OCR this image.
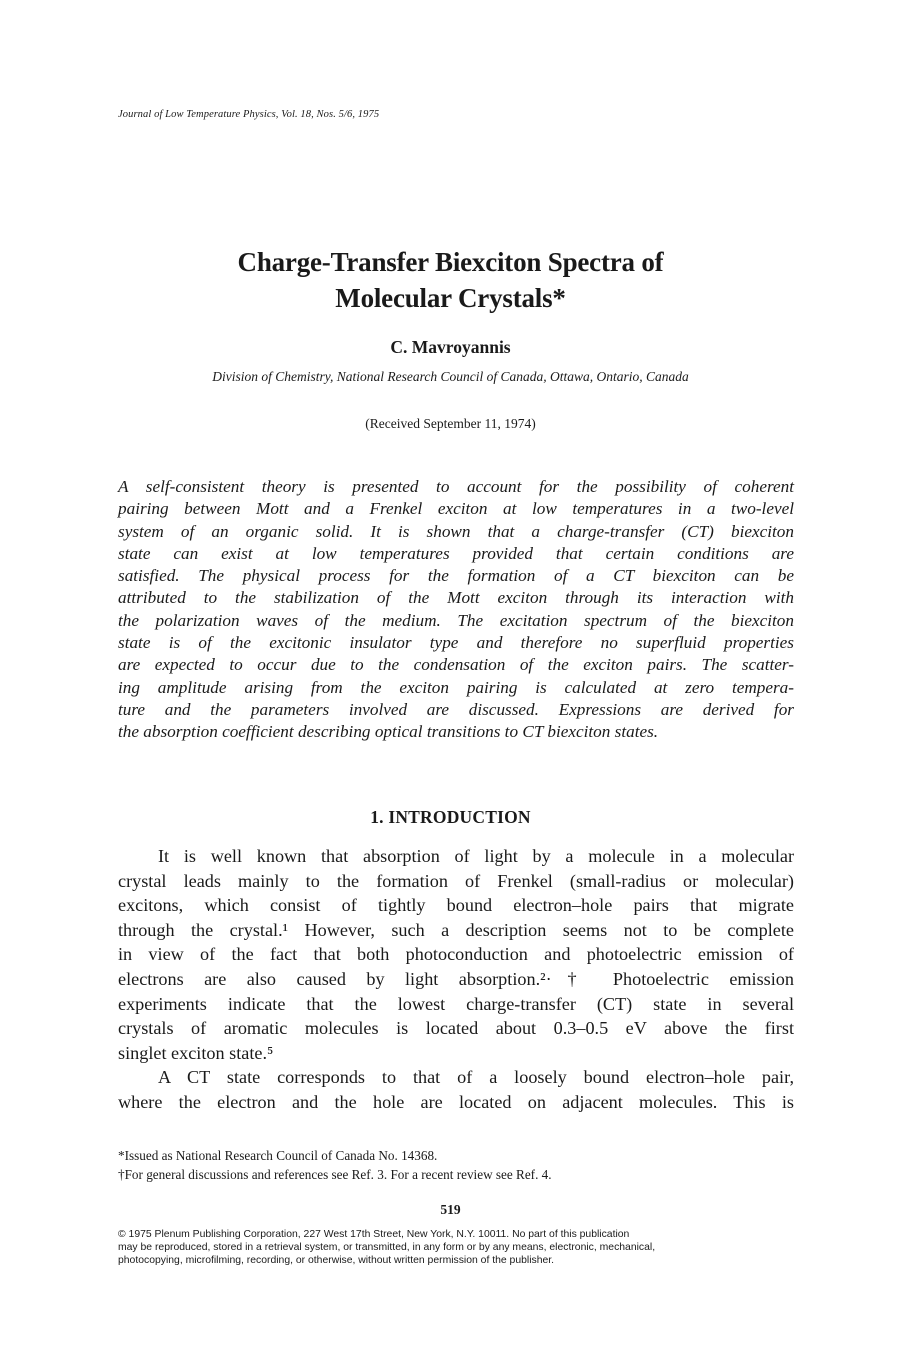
Journal of Low Temperature Physics, Vol. 18, Nos. 5/6, 1975
Charge-Transfer Biexciton Spectra of
Molecular Crystals*
C. Mavroyannis
Division of Chemistry, National Research Council of Canada, Ottawa, Ontario, Canada
(Received September 11, 1974)
A self-consistent theory is presented to account for the possibility of coherent
pairing between Mott and a Frenkel exciton at low temperatures in a two-level
system of an organic solid. It is shown that a charge-transfer (CT) biexciton
state can exist at low temperatures provided that certain conditions are
satisfied. The physical process for the formation of a CT biexciton can be
attributed to the stabilization of the Mott exciton through its interaction with
the polarization waves of the medium. The excitation spectrum of the biexciton
state is of the excitonic insulator type and therefore no superfluid properties
are expected to occur due to the condensation of the exciton pairs. The scatter-
ing amplitude arising from the exciton pairing is calculated at zero tempera-
ture and the parameters involved are discussed. Expressions are derived for
the absorption coefficient describing optical transitions to CT biexciton states.
1. INTRODUCTION
It is well known that absorption of light by a molecule in a molecular
crystal leads mainly to the formation of Frenkel (small-radius or molecular)
excitons, which consist of tightly bound electron–hole pairs that migrate
through the crystal.¹ However, such a description seems not to be complete
in view of the fact that both photoconduction and photoelectric emission of
electrons are also caused by light absorption.²·† Photoelectric emission
experiments indicate that the lowest charge-transfer (CT) state in several
crystals of aromatic molecules is located about 0.3–0.5 eV above the first
singlet exciton state.⁵
A CT state corresponds to that of a loosely bound electron–hole pair,
where the electron and the hole are located on adjacent molecules. This is
*Issued as National Research Council of Canada No. 14368.
†For general discussions and references see Ref. 3. For a recent review see Ref. 4.
519
© 1975 Plenum Publishing Corporation, 227 West 17th Street, New York, N.Y. 10011. No part of this publication
may be reproduced, stored in a retrieval system, or transmitted, in any form or by any means, electronic, mechanical,
photocopying, microfilming, recording, or otherwise, without written permission of the publisher.
